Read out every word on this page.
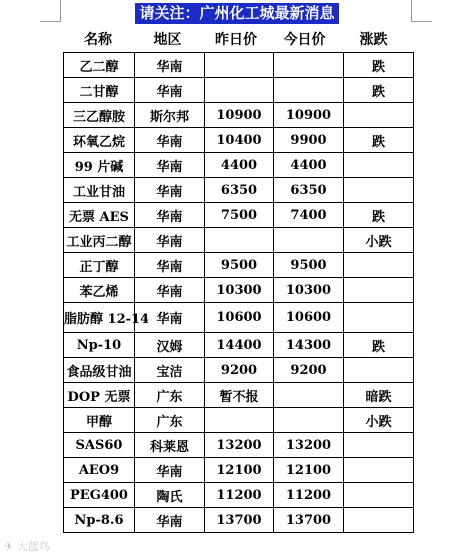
请关注：广州化工城最新消息
名称	地区	昨日价	今日价	涨跌
乙二醇	华南			跌
二甘醇	华南			跌
三乙醇胺	斯尔邦	10900	10900	
环氧乙烷	华南	10400	9900	跌
99 片碱	华南	4400	4400	
工业甘油	华南	6350	6350	
无票 AES	华南	7500	7400	跌
工业丙二醇	华南			小跌
正丁醇	华南	9500	9500	
苯乙烯	华南	10300	10300	
脂肪醇 12-14	华南	10600	10600	
Np-10	汉姆	14400	14300	跌
食品级甘油	宝洁	9200	9200	
DOP 无票	广东	暂不报		暗跌
甲醇	广东			小跌
SAS60	科莱恩	13200	13200	
AEO9	华南	12100	12100	
PEG400	陶氏	11200	11200	
Np-8.6	华南	13700	13700	
✈ 大蓝鸟
